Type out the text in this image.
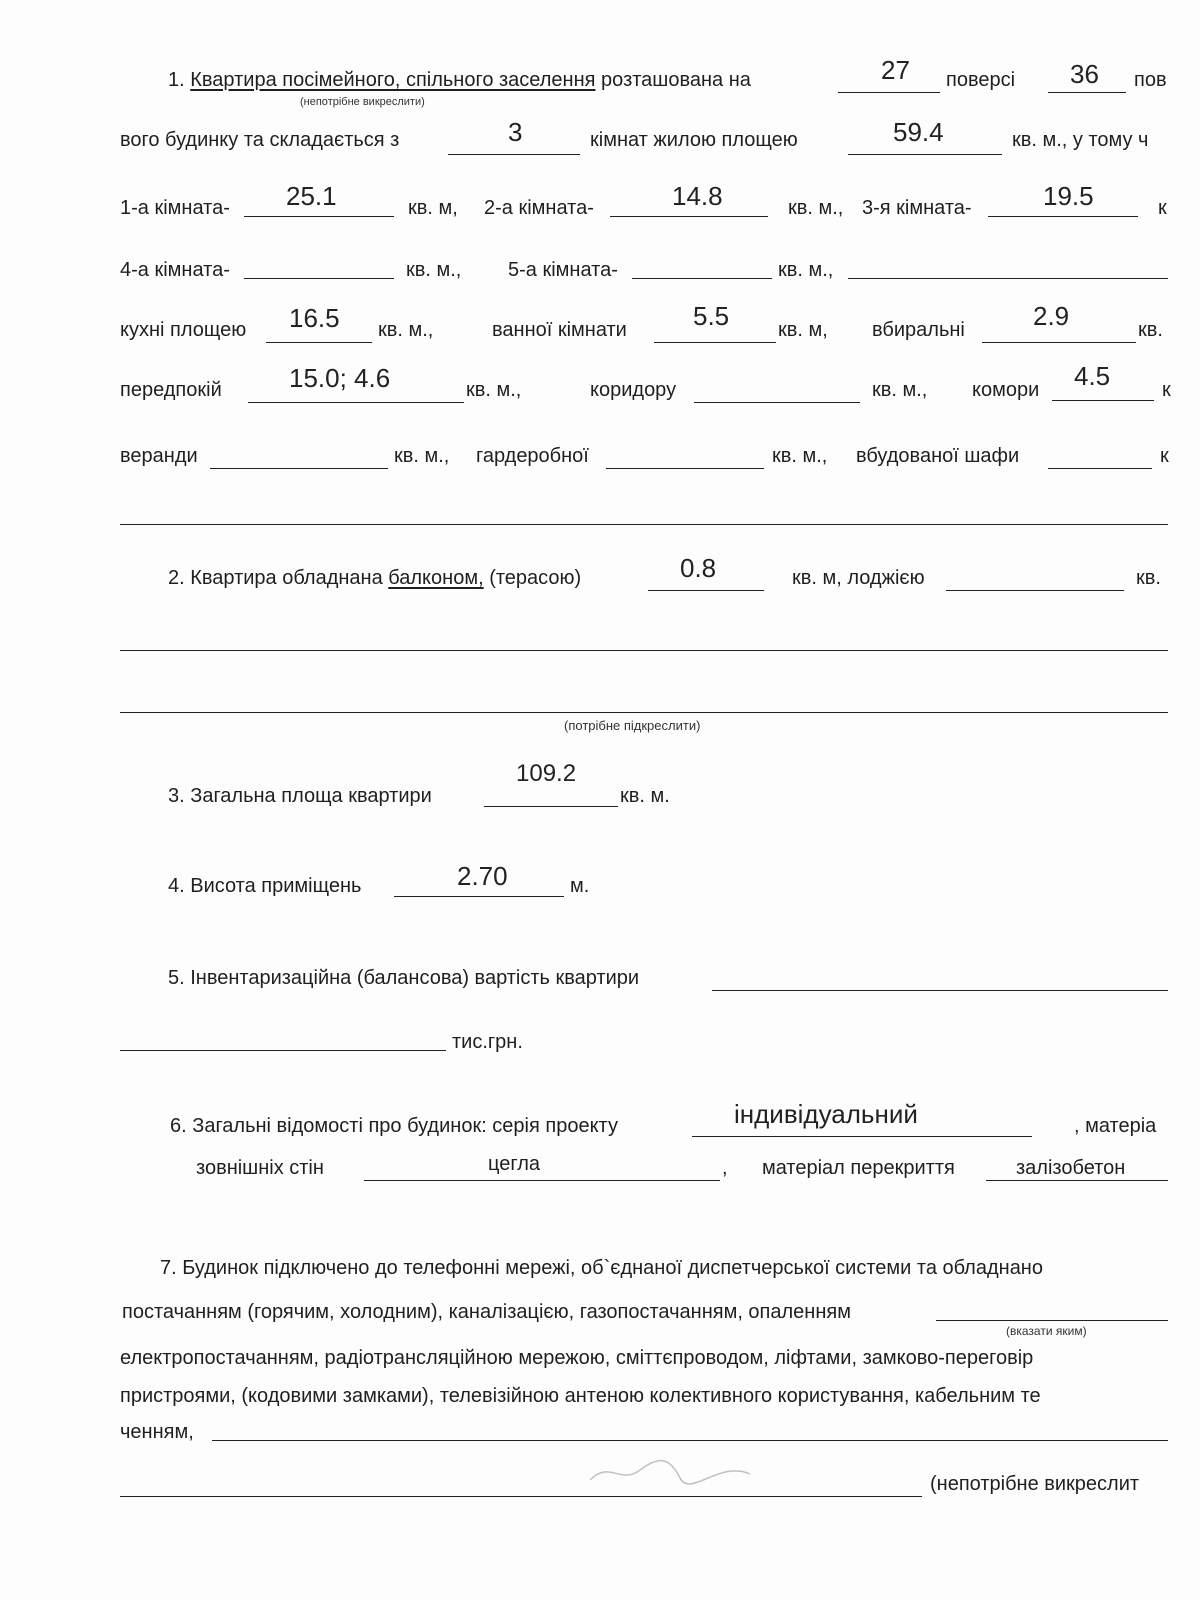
1. Квартира посімейного, спільного заселення розташована на
(непотрібне викреслити)
27 поверсі 36 пов
вого будинку та складається з	3	кімнат жилою площею	59.4	кв. м., у тому ч
1-а кімната- 25.1	кв. м, 2-а кімната-	14.8	кв. м., 3-я кімната-	19.5	к
4-а кімната-	кв. м., 5-а кімната-	кв. м.,
кухні площею 16.5 кв. м.,	ванної кімнати	5.5 кв. м, вбиральні	2.9	кв.
передпокій	15.0; 4.6	кв. м.,	коридору	кв. м., комори 4.5	к
веранди	кв. м., гардеробної	кв. м., вбудованої шафи	к
2. Квартира обладнана балконом, (терасою)	0.8	кв. м, лоджією	кв.
(потрібне підкреслити)
3. Загальна площа квартири
109.2
кв. м.
4. Висота приміщень	2.70	м.
5. Інвентаризаційна (балансова) вартість квартири
тис.грн.
6. Загальні відомості про будинок: серія проекту	індивідуальний	, матеріа
зовнішніх стін	цегла	, матеріал перекриття	залізобетон
7. Будинок підключено до телефонні мережі, об`єднаної диспетчерської системи та обладнано
постачанням (горячим, холодним), каналізацією, газопостачанням, опаленням
(вказати яким)
електропостачанням, радіотрансляційною мережою, сміттєпроводом, ліфтами, замково-переговір
пристроями, (кодовими замками), телевізійною антеною колективного користування, кабельним те
ченням,
(непотрібне викреслит
